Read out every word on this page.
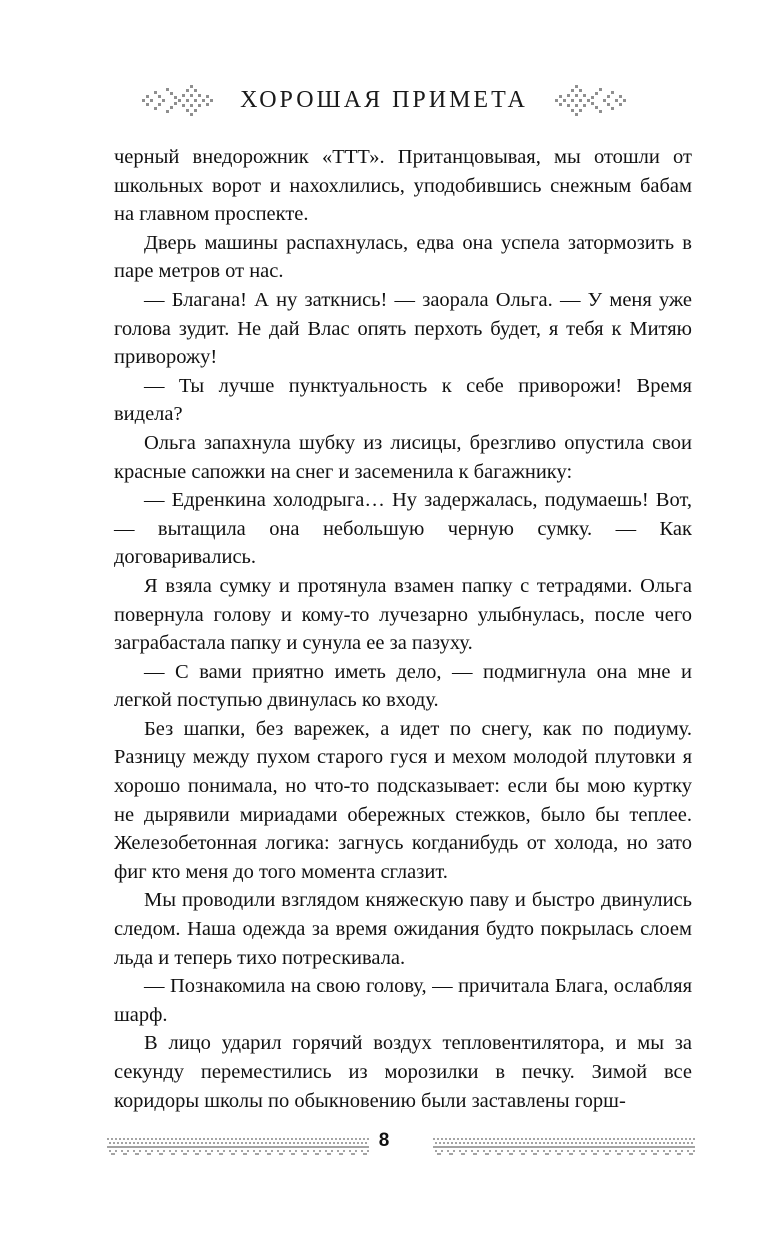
ХОРОШАЯ ПРИМЕТА

черный внедорожник «ТТТ». Пританцовывая, мы отошли от школьных ворот и нахохлились, уподобившись снежным бабам на главном проспекте.

Дверь машины распахнулась, едва она успела затормозить в паре метров от нас.

— Благана! А ну заткнись! — заорала Ольга. — У меня уже голова зудит. Не дай Влас опять перхоть будет, я тебя к Митяю приворожу!

— Ты лучше пунктуальность к себе приворожи! Время видела?

Ольга запахнула шубку из лисицы, брезгливо опустила свои красные сапожки на снег и засеменила к багажнику:

— Едренкина холодрыга… Ну задержалась, подумаешь! Вот, — вытащила она небольшую черную сумку. — Как договаривались.

Я взяла сумку и протянула взамен папку с тетрадями. Ольга повернула голову и кому-то лучезарно улыбнулась, после чего заграбастала папку и сунула ее за пазуху.

— С вами приятно иметь дело, — подмигнула она мне и легкой поступью двинулась ко входу.

Без шапки, без варежек, а идет по снегу, как по подиуму. Разницу между пухом старого гуся и мехом молодой плутовки я хорошо понимала, но что-то подсказывает: если бы мою куртку не дырявили мириадами обережных стежков, было бы теплее. Железобетонная логика: загнусь когданибудь от холода, но зато фиг кто меня до того момента сглазит.

Мы проводили взглядом княжескую паву и быстро двинулись следом. Наша одежда за время ожидания будто покрылась слоем льда и теперь тихо потрескивала.

— Познакомила на свою голову, — причитала Блага, ослабляя шарф.

В лицо ударил горячий воздух тепловентилятора, и мы за секунду переместились из морозилки в печку. Зимой все коридоры школы по обыкновению были заставлены горш-

8
